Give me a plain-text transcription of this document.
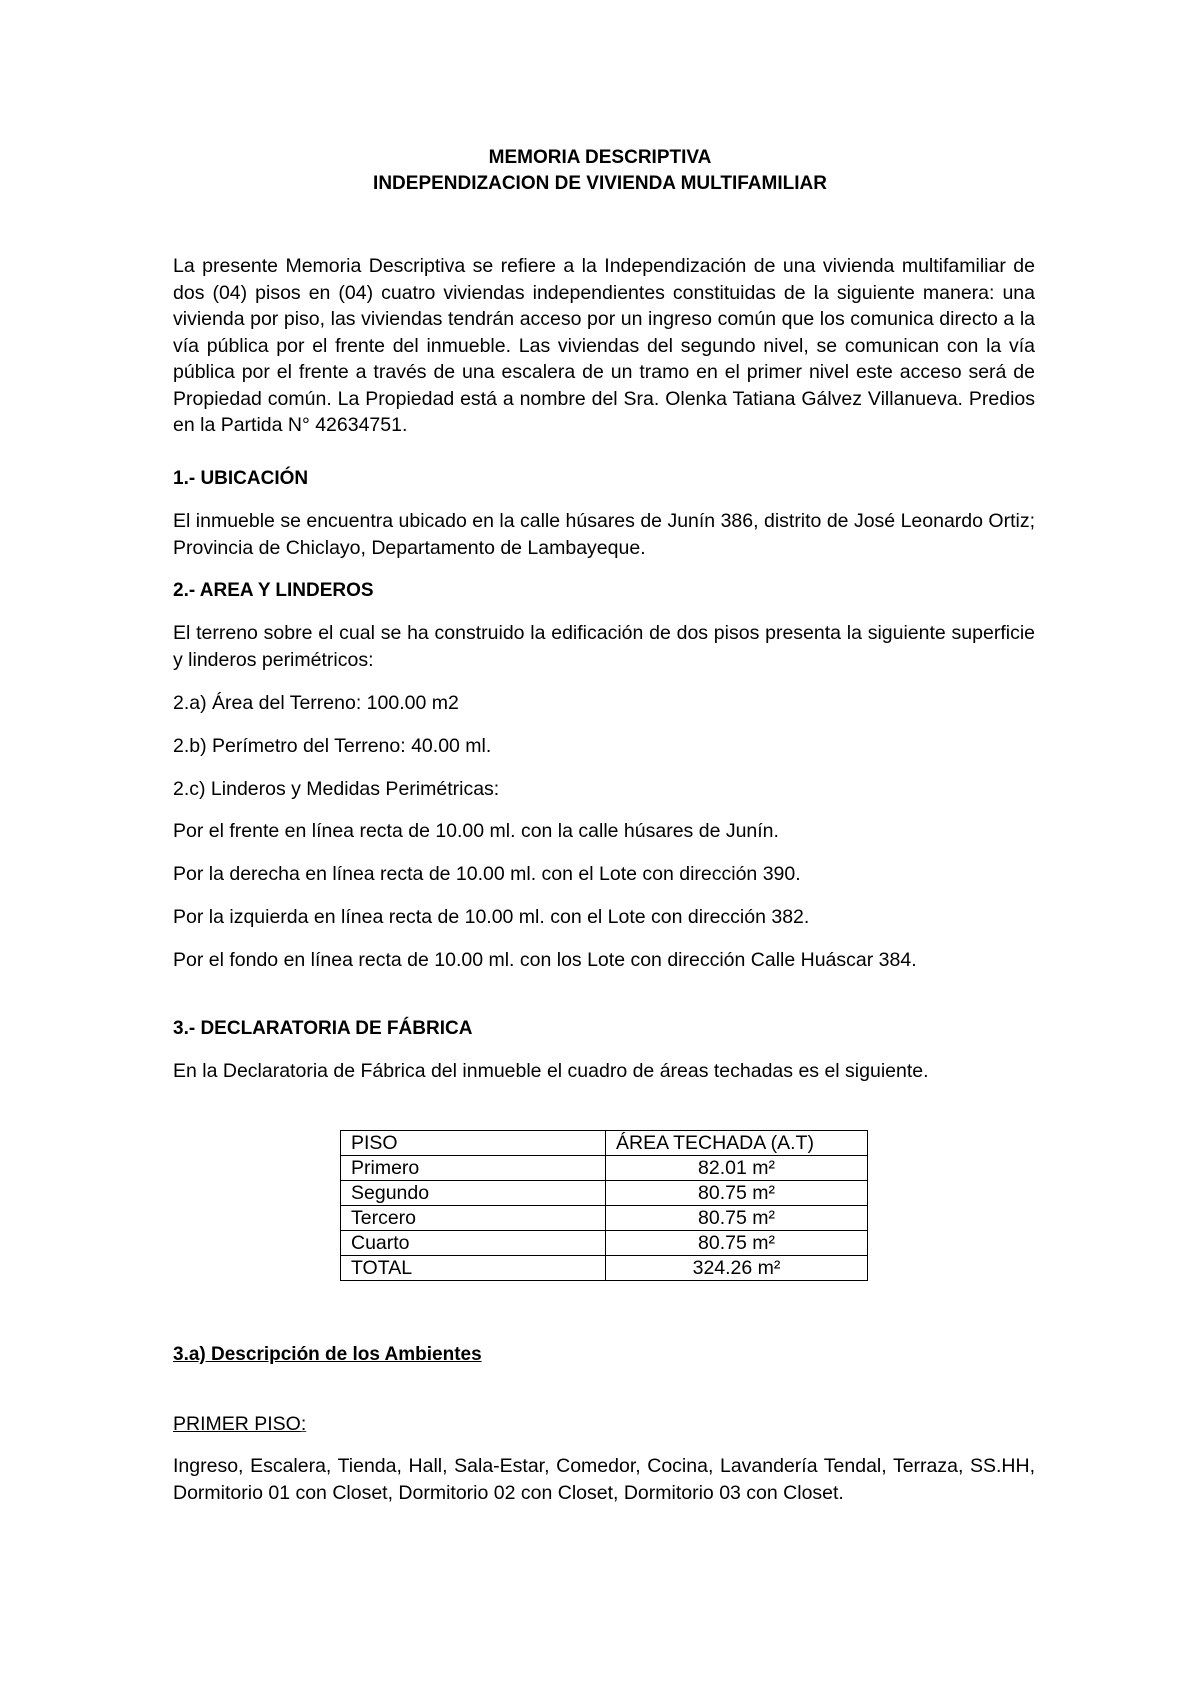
MEMORIA DESCRIPTIVA
INDEPENDIZACION DE VIVIENDA MULTIFAMILIAR
La presente Memoria Descriptiva se refiere a la Independización de una vivienda multifamiliar de dos (04) pisos en (04) cuatro viviendas independientes constituidas de la siguiente manera: una vivienda por piso, las viviendas tendrán acceso por un ingreso común que los comunica directo a la vía pública por el frente del inmueble. Las viviendas del segundo nivel, se comunican con la vía pública por el frente a través de una escalera de un tramo en el primer nivel este acceso será de Propiedad común. La Propiedad está a nombre del Sra. Olenka Tatiana Gálvez Villanueva. Predios en la Partida N° 42634751.
1.- UBICACIÓN
El inmueble se encuentra ubicado en la calle húsares de Junín 386, distrito de José Leonardo Ortiz; Provincia de Chiclayo, Departamento de Lambayeque.
2.- AREA Y LINDEROS
El terreno sobre el cual se ha construido la edificación de dos pisos presenta la siguiente superficie y linderos perimétricos:
2.a) Área del Terreno: 100.00 m2
2.b) Perímetro del Terreno: 40.00 ml.
2.c) Linderos y Medidas Perimétricas:
Por el frente en línea recta de 10.00 ml. con la calle húsares de Junín.
Por la derecha en línea recta de 10.00 ml. con el Lote con dirección 390.
Por la izquierda en línea recta de 10.00 ml. con el Lote con dirección 382.
Por el fondo en línea recta de 10.00 ml. con los Lote con dirección Calle Huáscar 384.
3.- DECLARATORIA DE FÁBRICA
En la Declaratoria de Fábrica del inmueble el cuadro de áreas techadas es el siguiente.
PISO	ÁREA TECHADA (A.T)
Primero	82.01 m²
Segundo	80.75 m²
Tercero	80.75 m²
Cuarto	80.75 m²
TOTAL	324.26 m²
3.a) Descripción de los Ambientes
PRIMER PISO:
Ingreso, Escalera, Tienda, Hall, Sala-Estar, Comedor, Cocina, Lavandería Tendal, Terraza, SS.HH, Dormitorio 01 con Closet, Dormitorio 02 con Closet, Dormitorio 03 con Closet.
